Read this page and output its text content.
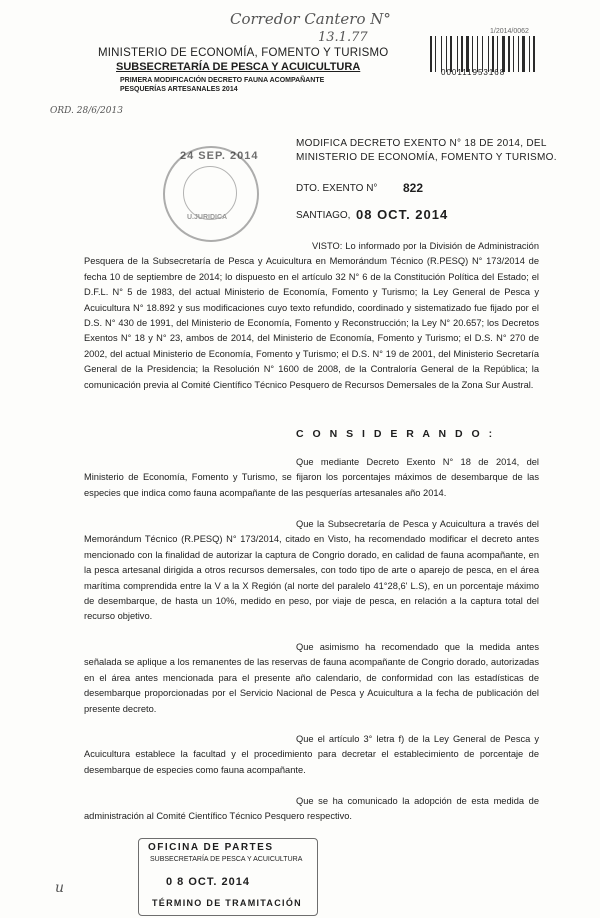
Corredor Cantero N°
13.1.77	1/2014/0062
000111953168
MINISTERIO DE ECONOMÍA, FOMENTO Y TURISMO
SUBSECRETARÍA DE PESCA Y ACUICULTURA
PRIMERA MODIFICACIÓN DECRETO FAUNA ACOMPAÑANTE
PESQUERÍAS ARTESANALES 2014
ORD. 28/6/2013
U.JURIDICA
24 SEP. 2014
MODIFICA DECRETO EXENTO N° 18 DE 2014, DEL MINISTERIO DE ECONOMÍA, FOMENTO Y TURISMO.
DTO. EXENTO N° 822
SANTIAGO, 08 OCT. 2014
VISTO: Lo informado por la División de Administración Pesquera de la Subsecretaría de Pesca y Acuicultura en Memorándum Técnico (R.PESQ) N° 173/2014 de fecha 10 de septiembre de 2014; lo dispuesto en el artículo 32 N° 6 de la Constitución Política del Estado; el D.F.L. N° 5 de 1983, del actual Ministerio de Economía, Fomento y Turismo; la Ley General de Pesca y Acuicultura N° 18.892 y sus modificaciones cuyo texto refundido, coordinado y sistematizado fue fijado por el D.S. N° 430 de 1991, del Ministerio de Economía, Fomento y Reconstrucción; la Ley N° 20.657; los Decretos Exentos N° 18 y N° 23, ambos de 2014, del Ministerio de Economía, Fomento y Turismo; el D.S. N° 270 de 2002, del actual Ministerio de Economía, Fomento y Turismo; el D.S. N° 19 de 2001, del Ministerio Secretaría General de la Presidencia; la Resolución N° 1600 de 2008, de la Contraloría General de la República; la comunicación previa al Comité Científico Técnico Pesquero de Recursos Demersales de la Zona Sur Austral.
C O N S I D E R A N D O :
Que mediante Decreto Exento N° 18 de 2014, del Ministerio de Economía, Fomento y Turismo, se fijaron los porcentajes máximos de desembarque de las especies que indica como fauna acompañante de las pesquerías artesanales año 2014.
Que la Subsecretaría de Pesca y Acuicultura a través del Memorándum Técnico (R.PESQ) N° 173/2014, citado en Visto, ha recomendado modificar el decreto antes mencionado con la finalidad de autorizar la captura de Congrio dorado, en calidad de fauna acompañante, en la pesca artesanal dirigida a otros recursos demersales, con todo tipo de arte o aparejo de pesca, en el área marítima comprendida entre la V a la X Región (al norte del paralelo 41°28,6' L.S), en un porcentaje máximo de desembarque, de hasta un 10%, medido en peso, por viaje de pesca, en relación a la captura total del recurso objetivo.
Que asimismo ha recomendado que la medida antes señalada se aplique a los remanentes de las reservas de fauna acompañante de Congrio dorado, autorizadas en el área antes mencionada para el presente año calendario, de conformidad con las estadísticas de desembarque proporcionadas por el Servicio Nacional de Pesca y Acuicultura a la fecha de publicación del presente decreto.
Que el artículo 3° letra f) de la Ley General de Pesca y Acuicultura establece la facultad y el procedimiento para decretar el establecimiento de porcentaje de desembarque de especies como fauna acompañante.
Que se ha comunicado la adopción de esta medida de administración al Comité Científico Técnico Pesquero respectivo.
OFICINA DE PARTES
SUBSECRETARÍA DE PESCA Y ACUICULTURA
0 8 OCT. 2014
TÉRMINO DE TRAMITACIÓN
u
